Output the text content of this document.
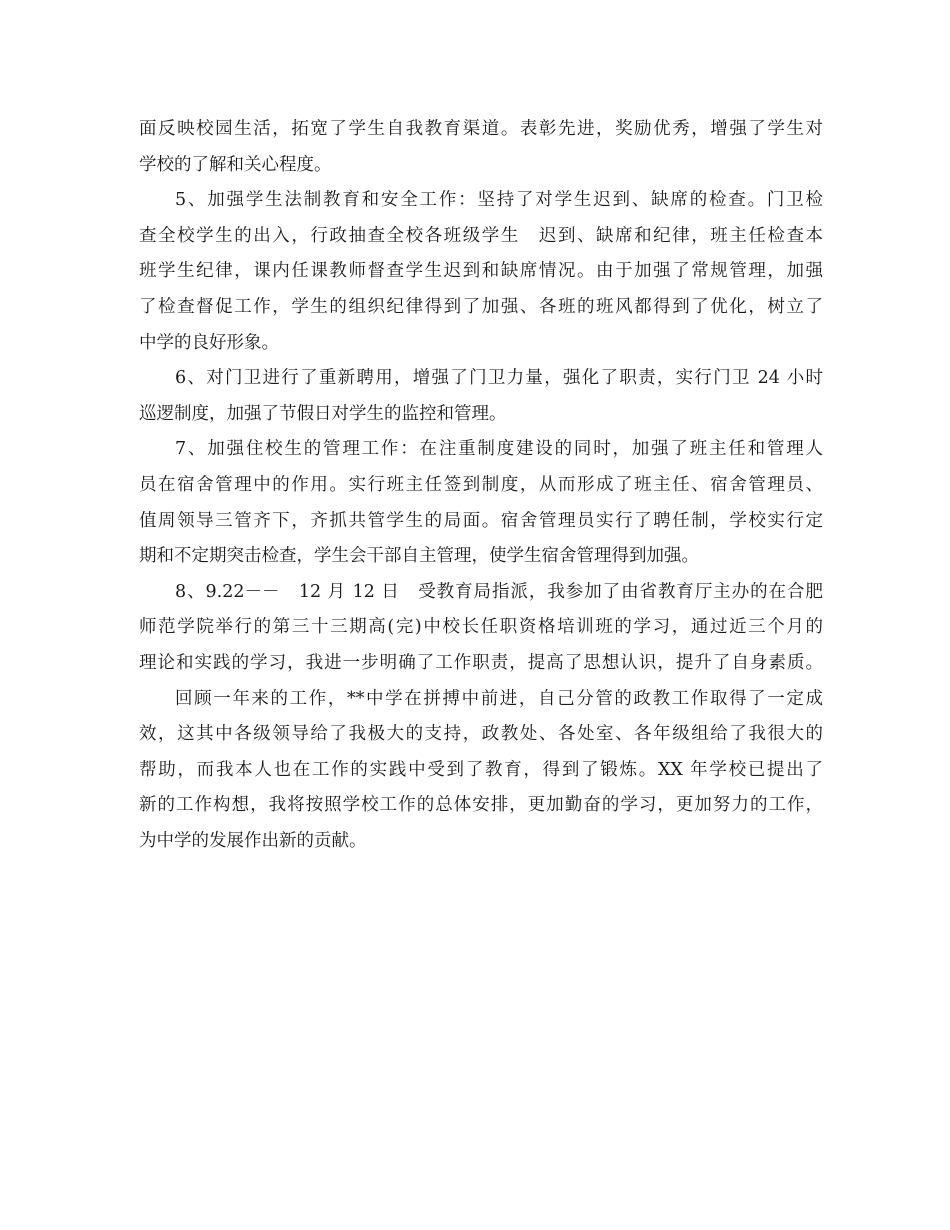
面反映校园生活，拓宽了学生自我教育渠道。表彰先进，奖励优秀，增强了学生对
学校的了解和关心程度。
5、加强学生法制教育和安全工作：坚持了对学生迟到、缺席的检查。门卫检
查全校学生的出入，行政抽查全校各班级学生　迟到、缺席和纪律，班主任检查本
班学生纪律，课内任课教师督查学生迟到和缺席情况。由于加强了常规管理，加强
了检查督促工作，学生的组织纪律得到了加强、各班的班风都得到了优化，树立了
中学的良好形象。
6、对门卫进行了重新聘用，增强了门卫力量，强化了职责，实行门卫 24 小时
巡逻制度，加强了节假日对学生的监控和管理。
7、加强住校生的管理工作：在注重制度建设的同时，加强了班主任和管理人
员在宿舍管理中的作用。实行班主任签到制度，从而形成了班主任、宿舍管理员、
值周领导三管齐下，齐抓共管学生的局面。宿舍管理员实行了聘任制，学校实行定
期和不定期突击检查，学生会干部自主管理，使学生宿舍管理得到加强。
8、9.22－－　12 月 12 日　受教育局指派，我参加了由省教育厅主办的在合肥
师范学院举行的第三十三期高(完)中校长任职资格培训班的学习，通过近三个月的
理论和实践的学习，我进一步明确了工作职责，提高了思想认识，提升了自身素质。
回顾一年来的工作，**中学在拼搏中前进，自己分管的政教工作取得了一定成
效，这其中各级领导给了我极大的支持，政教处、各处室、各年级组给了我很大的
帮助，而我本人也在工作的实践中受到了教育，得到了锻炼。XX 年学校已提出了
新的工作构想，我将按照学校工作的总体安排，更加勤奋的学习，更加努力的工作，
为中学的发展作出新的贡献。
